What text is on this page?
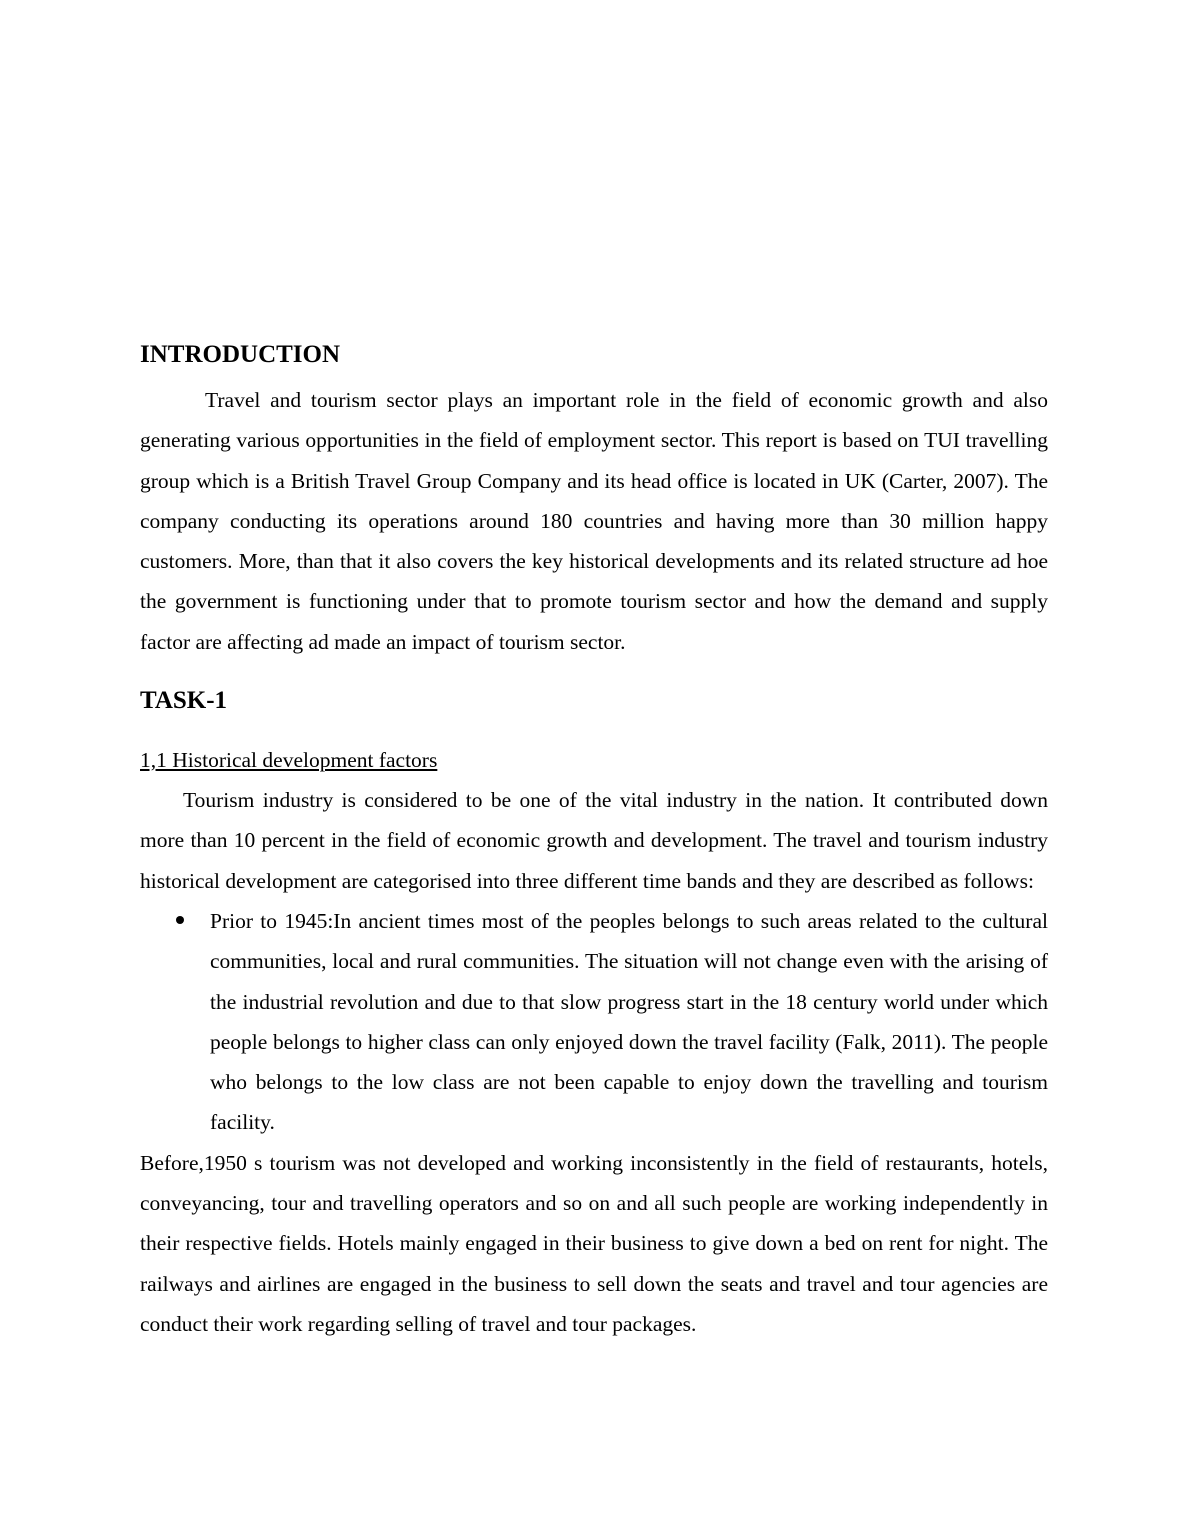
INTRODUCTION

Travel and tourism sector plays an important role in the field of economic growth and also generating various opportunities in the field of employment sector. This report is based on TUI travelling group which is a British Travel Group Company and its head office is located in UK (Carter, 2007). The company conducting its operations around 180 countries and having more than 30 million happy customers. More, than that it also covers the key historical developments and its related structure ad hoe the government is functioning under that to promote tourism sector and how the demand and supply factor are affecting ad made an impact of tourism sector.

TASK-1

1,1 Historical development factors

Tourism industry is considered to be one of the vital industry in the nation. It contributed down more than 10 percent in the field of economic growth and development. The travel and tourism industry historical development are categorised into three different time bands and they are described as follows:

Prior to 1945:In ancient times most of the peoples belongs to such areas related to the cultural communities, local and rural communities. The situation will not change even with the arising of the industrial revolution and due to that slow progress start in the 18 century world under which people belongs to higher class can only enjoyed down the travel facility (Falk, 2011). The people who belongs to the low class are not been capable to enjoy down the travelling and tourism facility.

Before,1950 s tourism was not developed and working inconsistently in the field of restaurants, hotels, conveyancing, tour and travelling operators and so on and all such people are working independently in their respective fields. Hotels mainly engaged in their business to give down a bed on rent for night. The railways and airlines are engaged in the business to sell down the seats and travel and tour agencies are conduct their work regarding selling of travel and tour packages.
